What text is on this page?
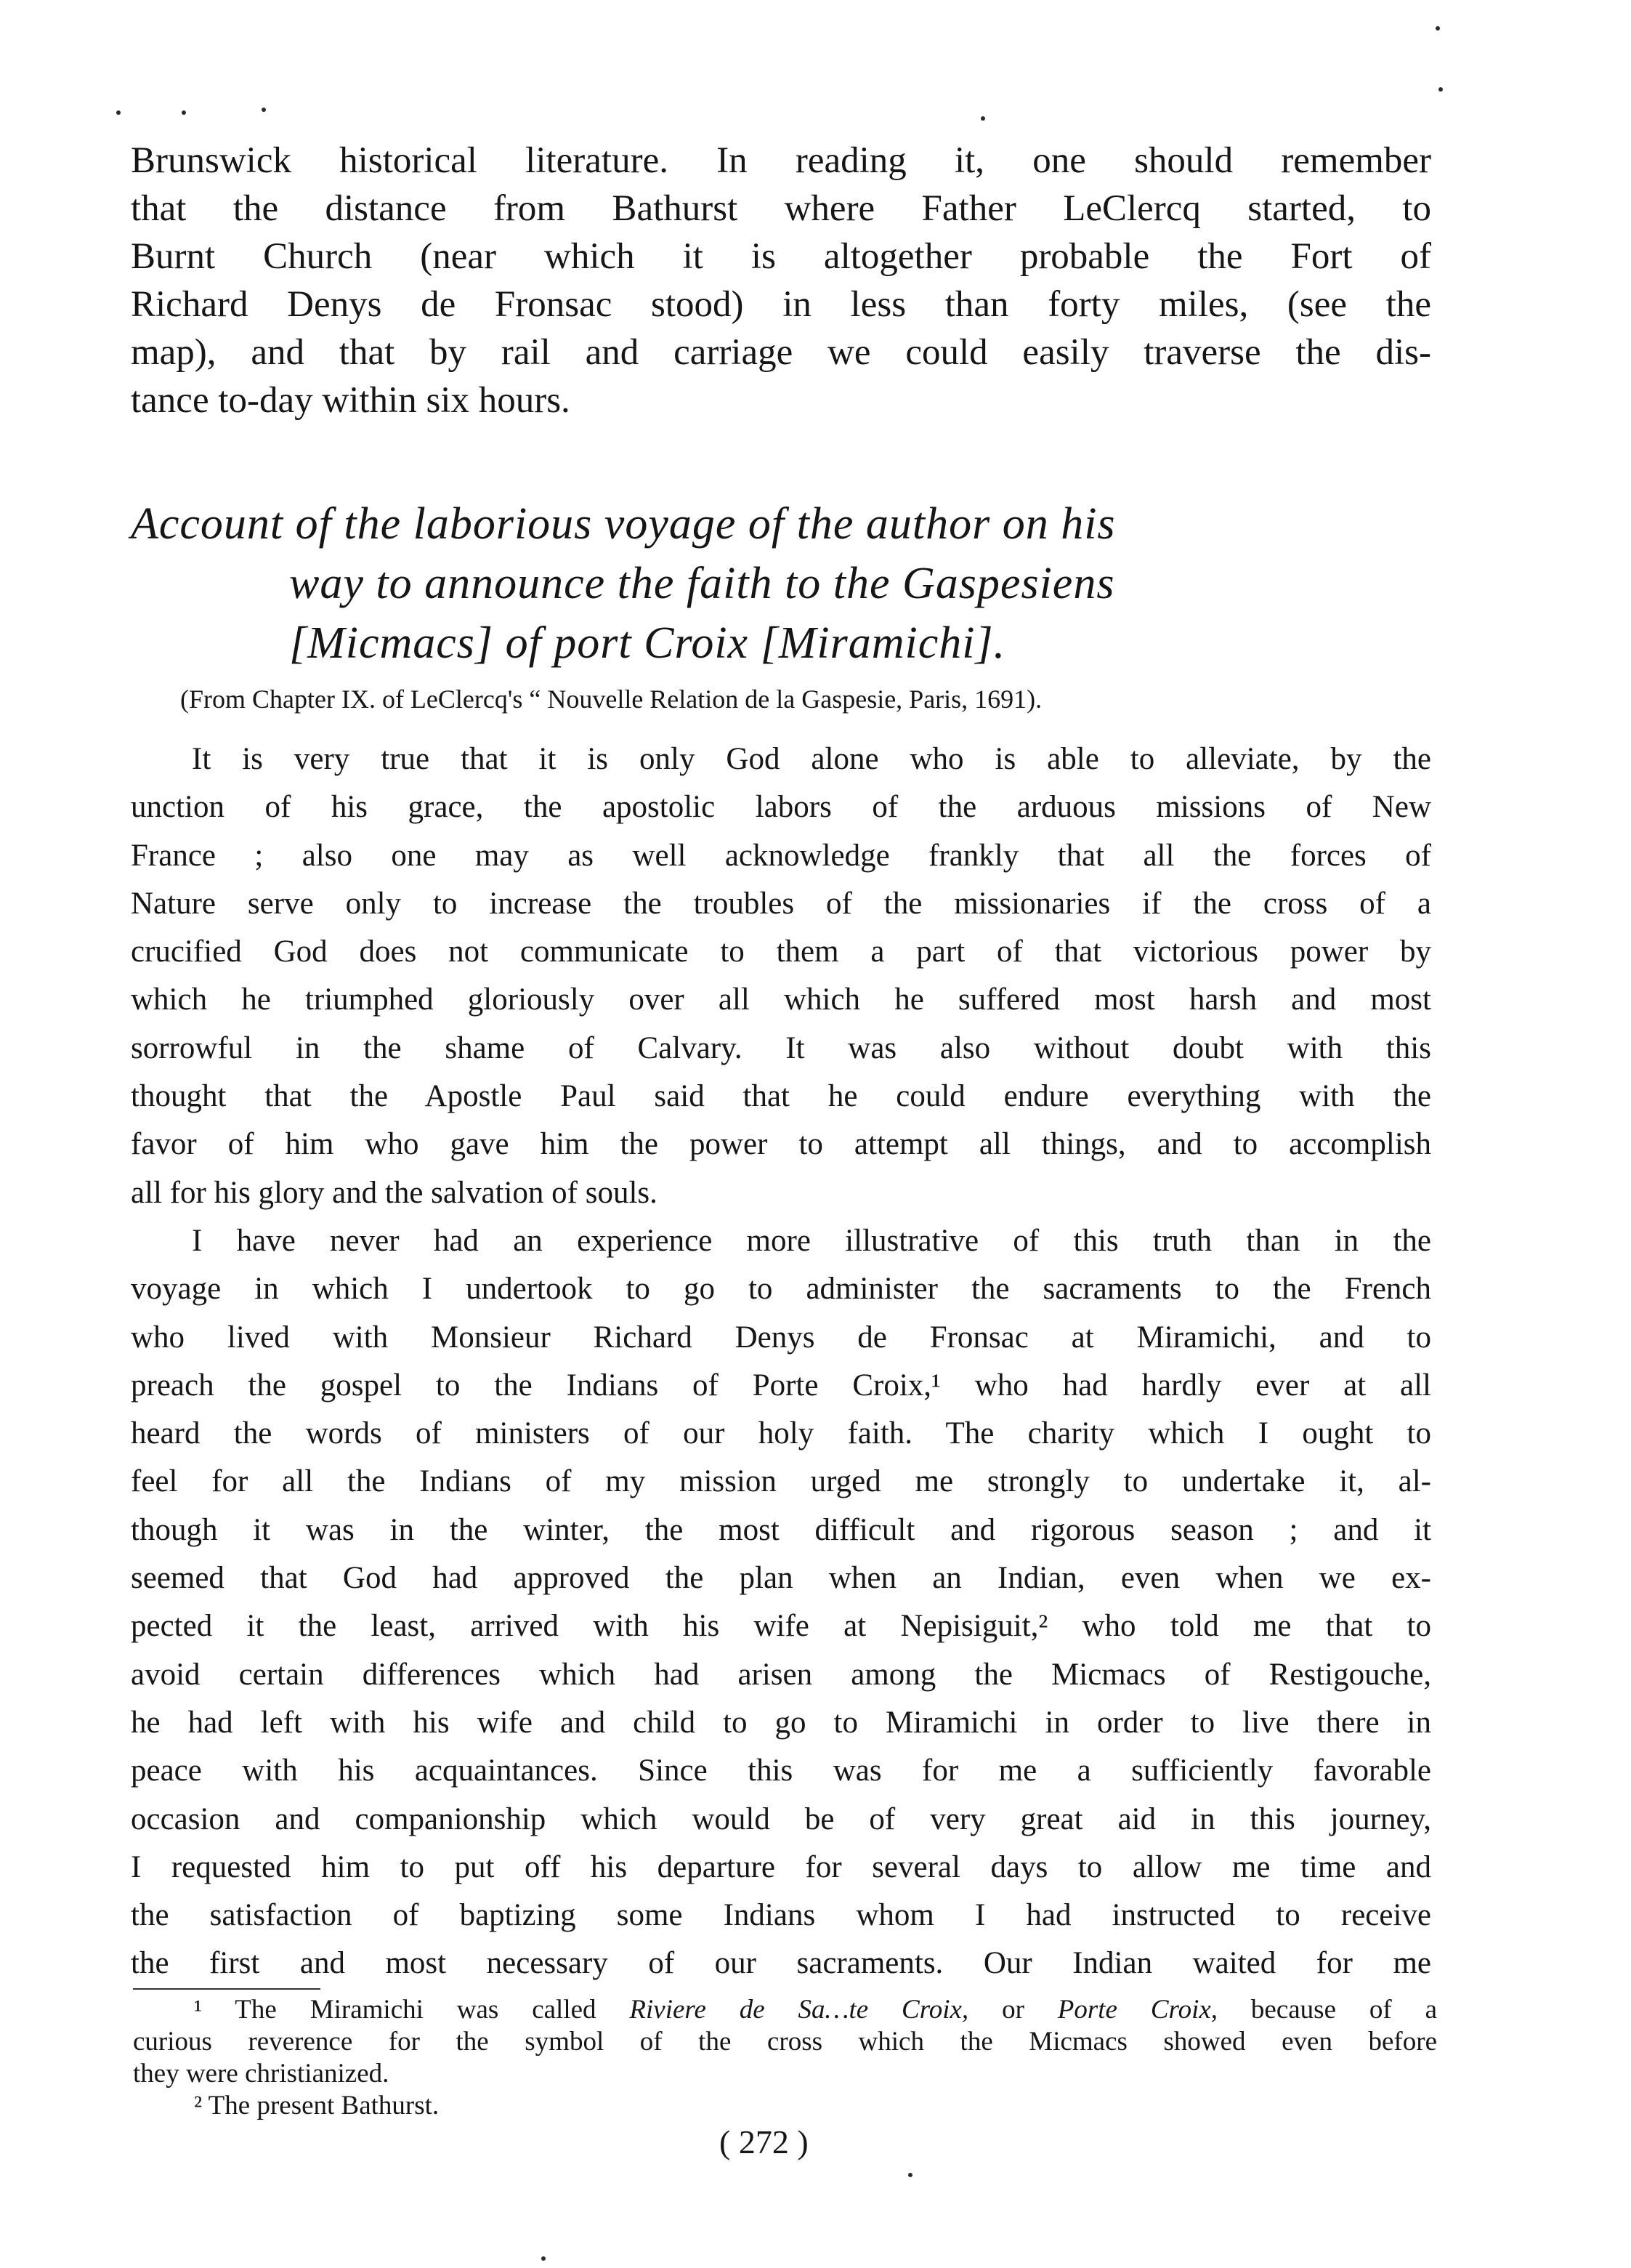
Brunswick historical literature. In reading it, one should remember
that the distance from Bathurst where Father LeClercq started, to
Burnt Church (near which it is altogether probable the Fort of
Richard Denys de Fronsac stood) in less than forty miles, (see the
map), and that by rail and carriage we could easily traverse the dis-
tance to-day within six hours.
Account of the laborious voyage of the author on his
way to announce the faith to the Gaspesiens
[Micmacs] of port Croix [Miramichi].
(From Chapter IX. of LeClercq's “ Nouvelle Relation de la Gaspesie, Paris, 1691).
It is very true that it is only God alone who is able to alleviate, by the
unction of his grace, the apostolic labors of the arduous missions of New
France ; also one may as well acknowledge frankly that all the forces of
Nature serve only to increase the troubles of the missionaries if the cross of a
crucified God does not communicate to them a part of that victorious power by
which he triumphed gloriously over all which he suffered most harsh and most
sorrowful in the shame of Calvary. It was also without doubt with this
thought that the Apostle Paul said that he could endure everything with the
favor of him who gave him the power to attempt all things, and to accomplish
all for his glory and the salvation of souls.
I have never had an experience more illustrative of this truth than in the
voyage in which I undertook to go to administer the sacraments to the French
who lived with Monsieur Richard Denys de Fronsac at Miramichi, and to
preach the gospel to the Indians of Porte Croix,¹ who had hardly ever at all
heard the words of ministers of our holy faith. The charity which I ought to
feel for all the Indians of my mission urged me strongly to undertake it, al-
though it was in the winter, the most difficult and rigorous season ; and it
seemed that God had approved the plan when an Indian, even when we ex-
pected it the least, arrived with his wife at Nepisiguit,² who told me that to
avoid certain differences which had arisen among the Micmacs of Restigouche,
he had left with his wife and child to go to Miramichi in order to live there in
peace with his acquaintances. Since this was for me a sufficiently favorable
occasion and companionship which would be of very great aid in this journey,
I requested him to put off his departure for several days to allow me time and
the satisfaction of baptizing some Indians whom I had instructed to receive
the first and most necessary of our sacraments. Our Indian waited for me
¹ The Miramichi was called Riviere de Sa…te Croix, or Porte Croix, because of a
curious reverence for the symbol of the cross which the Micmacs showed even before
they were christianized.
² The present Bathurst.
( 272 )
